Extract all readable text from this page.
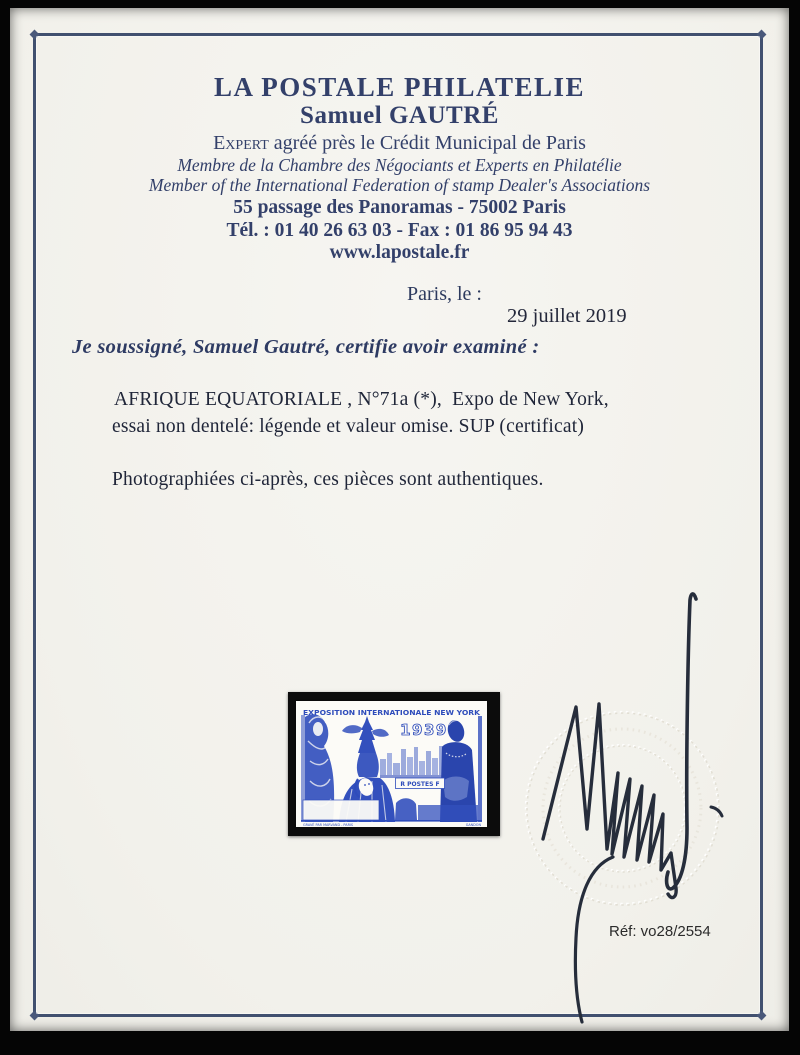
LA POSTALE PHILATELIE
Samuel GAUTRÉ
Expert agréé près le Crédit Municipal de Paris
Membre de la Chambre des Négociants et Experts en Philatélie
Member of the International Federation of stamp Dealer's Associations
55 passage des Panoramas - 75002 Paris
Tél. : 01 40 26 63 03 - Fax : 01 86 95 94 43
www.lapostale.fr
Paris, le :
29 juillet 2019
Je soussigné, Samuel Gautré, certifie avoir examiné :
AFRIQUE EQUATORIALE , N°71a (*),  Expo de New York,
essai non dentelé: légende et valeur omise. SUP (certificat)
Photographiées ci-après, ces pièces sont authentiques.
R POSTES F
EXPOSITION INTERNATIONALE NEW YORK
1939
GRAVÉ PAR MARVAND - PARIS	GANDON
Réf: vo28/2554
